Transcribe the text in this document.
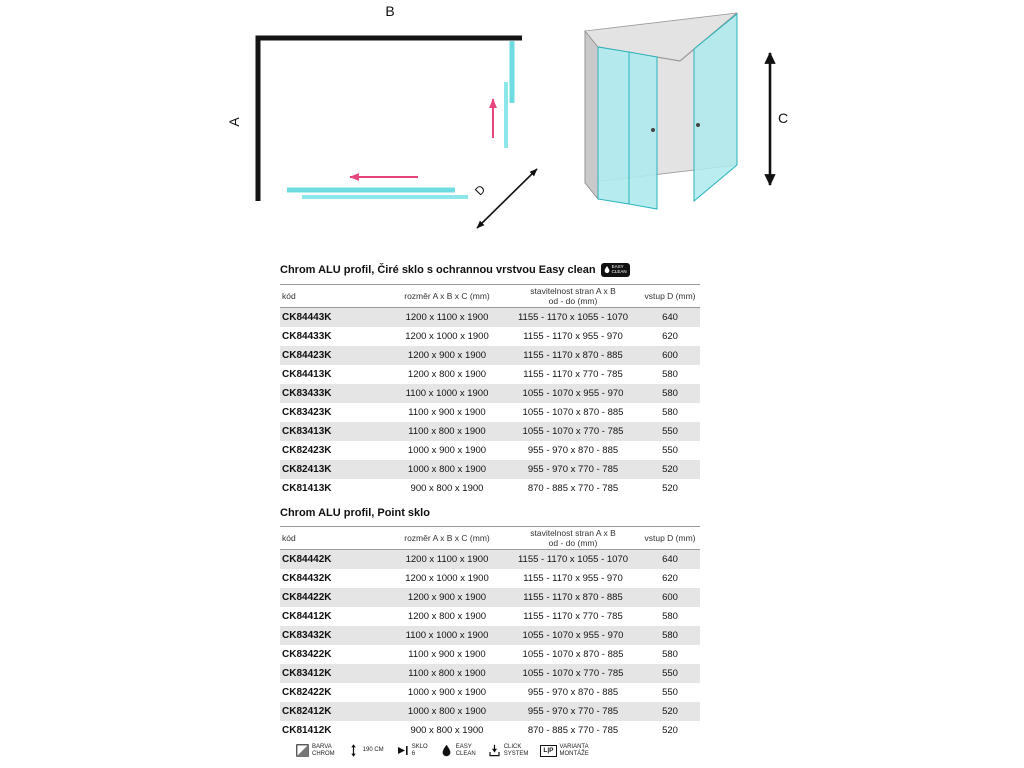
B
A
D
C
Chrom ALU profil, Čiré sklo s ochrannou vrstvou Easy clean	EASY
CLEAN
kód	rozměr A x B x C (mm)	stavitelnost stran A x B
od - do (mm)	vstup D (mm)
CK84443K	1200 x 1100 x 1900	1155 - 1170 x 1055 - 1070	640
CK84433K	1200 x 1000 x 1900	1155 - 1170 x 955 - 970	620
CK84423K	1200 x 900 x 1900	1155 - 1170 x 870 - 885	600
CK84413K	1200 x 800 x 1900	1155 - 1170 x 770 - 785	580
CK83433K	1100 x 1000 x 1900	1055 - 1070 x 955 - 970	580
CK83423K	1100 x 900 x 1900	1055 - 1070 x 870 - 885	580
CK83413K	1100 x 800 x 1900	1055 - 1070 x 770 - 785	550
CK82423K	1000 x 900 x 1900	955 - 970 x 870 - 885	550
CK82413K	1000 x 800 x 1900	955 - 970 x 770 - 785	520
CK81413K	900 x 800 x 1900	870 - 885 x 770 - 785	520
Chrom ALU profil, Point sklo
kód	rozměr A x B x C (mm)	stavitelnost stran A x B
od - do (mm)	vstup D (mm)
CK84442K	1200 x 1100 x 1900	1155 - 1170 x 1055 - 1070	640
CK84432K	1200 x 1000 x 1900	1155 - 1170 x 955 - 970	620
CK84422K	1200 x 900 x 1900	1155 - 1170 x 870 - 885	600
CK84412K	1200 x 800 x 1900	1155 - 1170 x 770 - 785	580
CK83432K	1100 x 1000 x 1900	1055 - 1070 x 955 - 970	580
CK83422K	1100 x 900 x 1900	1055 - 1070 x 870 - 885	580
CK83412K	1100 x 800 x 1900	1055 - 1070 x 770 - 785	550
CK82422K	1000 x 900 x 1900	955 - 970 x 870 - 885	550
CK82412K	1000 x 800 x 1900	955 - 970 x 770 - 785	520
CK81412K	900 x 800 x 1900	870 - 885 x 770 - 785	520
BARVA
CHROM
190 CM
SKLO
6
EASY
CLEAN
CLICK
SYSTEM
L|P	VARIANTA
MONTÁŽE
